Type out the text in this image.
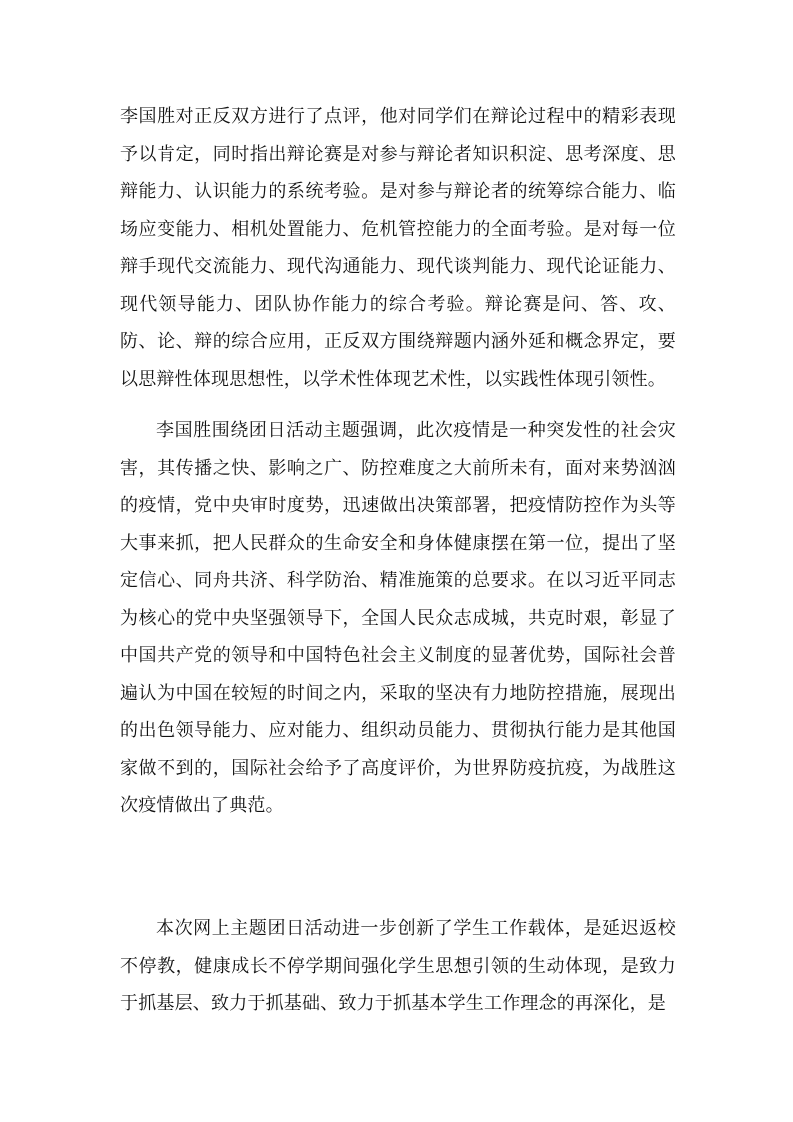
李国胜对正反双方进行了点评，他对同学们在辩论过程中的精彩表现予以肯定，同时指出辩论赛是对参与辩论者知识积淀、思考深度、思辩能力、认识能力的系统考验。是对参与辩论者的统筹综合能力、临场应变能力、相机处置能力、危机管控能力的全面考验。是对每一位辩手现代交流能力、现代沟通能力、现代谈判能力、现代论证能力、现代领导能力、团队协作能力的综合考验。辩论赛是问、答、攻、防、论、辩的综合应用，正反双方围绕辩题内涵外延和概念界定，要以思辩性体现思想性，以学术性体现艺术性，以实践性体现引领性。

李国胜围绕团日活动主题强调，此次疫情是一种突发性的社会灾害，其传播之快、影响之广、防控难度之大前所未有，面对来势汹汹的疫情，党中央审时度势，迅速做出决策部署，把疫情防控作为头等大事来抓，把人民群众的生命安全和身体健康摆在第一位，提出了坚定信心、同舟共济、科学防治、精准施策的总要求。在以习近平同志为核心的党中央坚强领导下，全国人民众志成城，共克时艰，彰显了中国共产党的领导和中国特色社会主义制度的显著优势，国际社会普遍认为中国在较短的时间之内，采取的坚决有力地防控措施，展现出的出色领导能力、应对能力、组织动员能力、贯彻执行能力是其他国家做不到的，国际社会给予了高度评价，为世界防疫抗疫，为战胜这次疫情做出了典范。

本次网上主题团日活动进一步创新了学生工作载体，是延迟返校不停教，健康成长不停学期间强化学生思想引领的生动体现，是致力于抓基层、致力于抓基础、致力于抓基本学生工作理念的再深化，是
